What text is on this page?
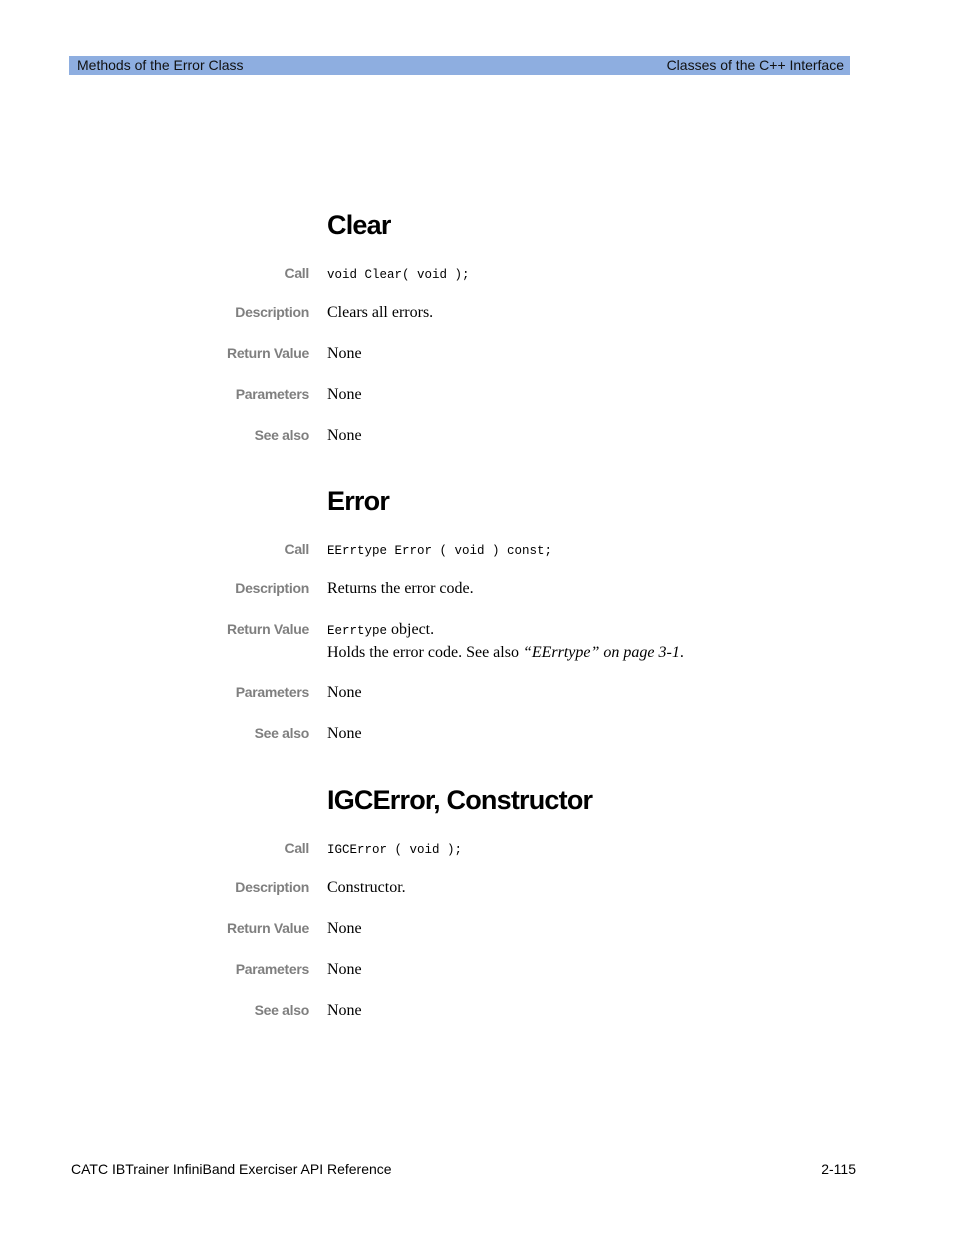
Methods of the Error Class	Classes of the C++ Interface
Clear
Call void Clear( void );
Description Clears all errors.
Return Value None
Parameters None
See also None
Error
Call EErrtype Error ( void ) const;
Description Returns the error code.
Return Value Eerrtype object.
Holds the error code. See also “EErrtype” on page 3-1.
Parameters None
See also None
IGCError, Constructor
Call IGCError ( void );
Description Constructor.
Return Value None
Parameters None
See also None
CATC IBTrainer InfiniBand Exerciser API Reference	2-115
